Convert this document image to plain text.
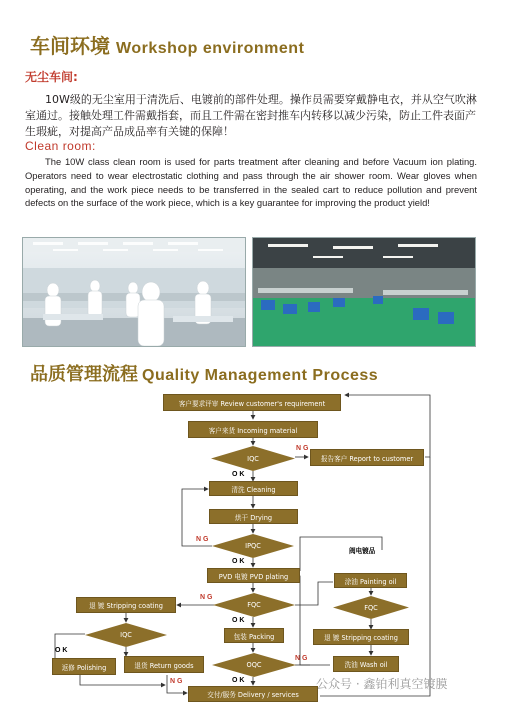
车间环境 Workshop environment
无尘车间:
10W级的无尘室用于清洗后、电镀前的部件处理。操作员需要穿戴静电衣，并从空气吹淋室通过。接触处理工件需戴指套，而且工件需在密封推车内转移以减少污染，防止工件表面产生瑕疵，对提高产品成品率有关键的保障！
Clean room:
The 10W class clean room is used for parts treatment after cleaning and before Vacuum ion plating. Operators need to wear electrostatic clothing and pass through the air shower room. Wear gloves when operating, and the work piece needs to be transferred in the sealed cart to reduce pollution and prevent defects on the surface of the work piece, which is a key guarantee for improving the product yield!
品质管理流程 Quality Management Process
客户要求评审 Review customer's requirement
客户来货 Incoming material
IQC	报告客户 Report to customer
N G
O K
清洗 Cleaning
烘干 Drying
IPQC
N G
O K
PVD 电镀 PVD plating
FQC
N G
O K
退 镀 Stripping coating
IQC
O K
包装 Packing
返修 Polishing	退货 Return goods	OQC
N G
O K
N G
交付/服务 Delivery / services
阀电镀品
涂油 Painting oil
FQC
退 镀 Stripping coating
洗油 Wash oil
公众号 · 鑫铂利真空镀膜
